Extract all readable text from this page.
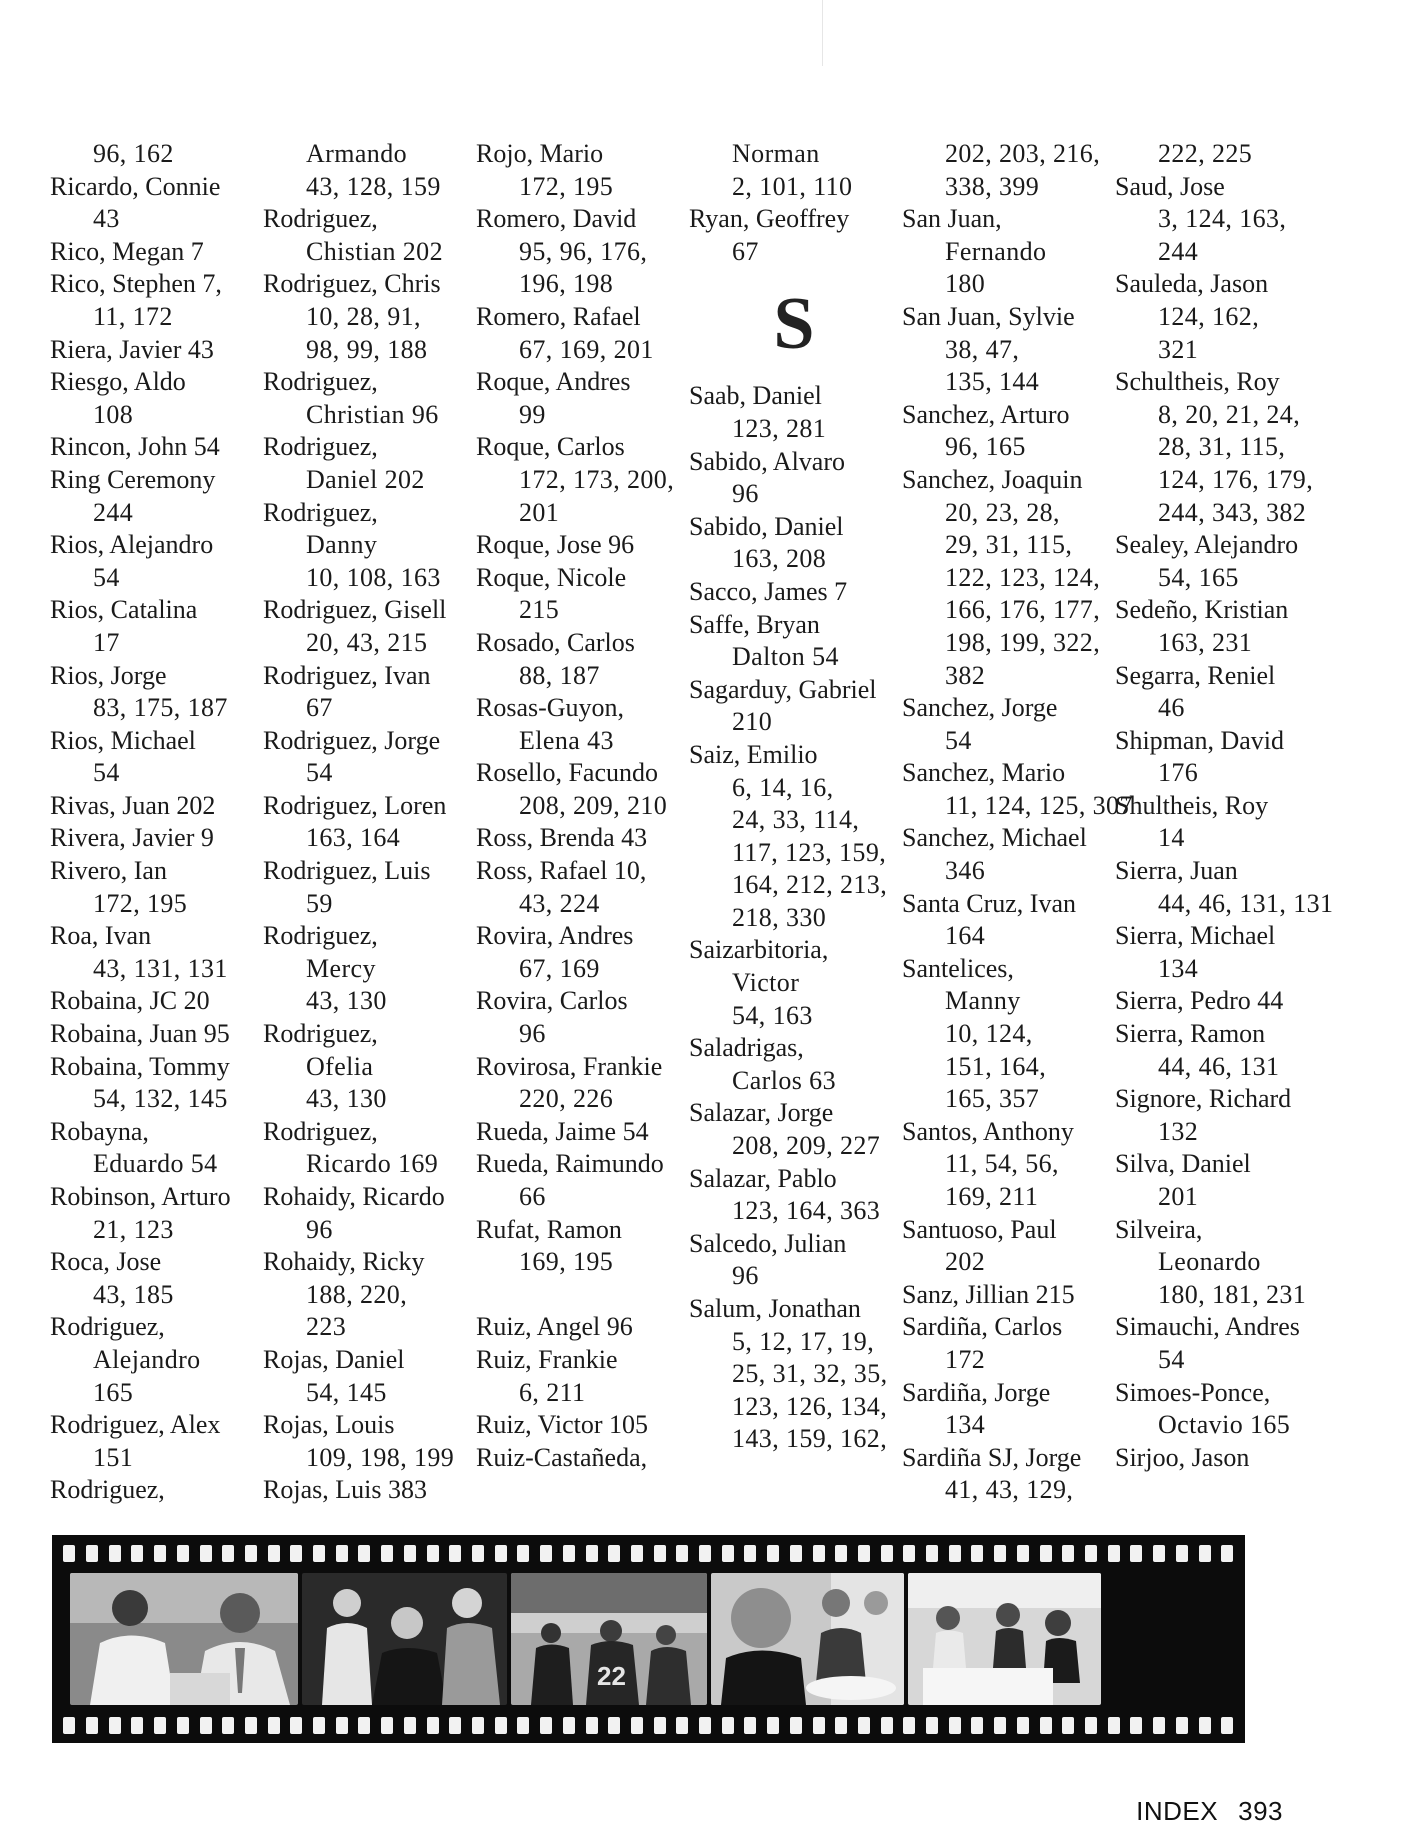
96, 162
Ricardo, Connie
43
Rico, Megan 7
Rico, Stephen 7,
11, 172
Riera, Javier 43
Riesgo, Aldo
108
Rincon, John 54
Ring Ceremony
244
Rios, Alejandro
54
Rios, Catalina
17
Rios, Jorge
83, 175, 187
Rios, Michael
54
Rivas, Juan 202
Rivera, Javier 9
Rivero, Ian
172, 195
Roa, Ivan
43, 131, 131
Robaina, JC 20
Robaina, Juan 95
Robaina, Tommy
54, 132, 145
Robayna,
Eduardo 54
Robinson, Arturo
21, 123
Roca, Jose
43, 185
Rodriguez,
Alejandro
165
Rodriguez, Alex
151
Rodriguez,
Armando
43, 128, 159
Rodriguez,
Chistian 202
Rodriguez, Chris
10, 28, 91,
98, 99, 188
Rodriguez,
Christian 96
Rodriguez,
Daniel 202
Rodriguez,
Danny
10, 108, 163
Rodriguez, Gisell
20, 43, 215
Rodriguez, Ivan
67
Rodriguez, Jorge
54
Rodriguez, Loren
163, 164
Rodriguez, Luis
59
Rodriguez,
Mercy
43, 130
Rodriguez,
Ofelia
43, 130
Rodriguez,
Ricardo 169
Rohaidy, Ricardo
96
Rohaidy, Ricky
188, 220,
223
Rojas, Daniel
54, 145
Rojas, Louis
109, 198, 199
Rojas, Luis 383
Rojo, Mario
172, 195
Romero, David
95, 96, 176,
196, 198
Romero, Rafael
67, 169, 201
Roque, Andres
99
Roque, Carlos
172, 173, 200,
201
Roque, Jose 96
Roque, Nicole
215
Rosado, Carlos
88, 187
Rosas-Guyon,
Elena 43
Rosello, Facundo
208, 209, 210
Ross, Brenda 43
Ross, Rafael 10,
43, 224
Rovira, Andres
67, 169
Rovira, Carlos
96
Rovirosa, Frankie
220, 226
Rueda, Jaime 54
Rueda, Raimundo
66
Rufat, Ramon
169, 195
Ruiz, Angel 96
Ruiz, Frankie
6, 211
Ruiz, Victor 105
Ruiz-Castañeda,
Norman
2, 101, 110
Ryan, Geoffrey
67
S
Saab, Daniel
123, 281
Sabido, Alvaro
96
Sabido, Daniel
163, 208
Sacco, James 7
Saffe, Bryan
Dalton 54
Sagarduy, Gabriel
210
Saiz, Emilio
6, 14, 16,
24, 33, 114,
117, 123, 159,
164, 212, 213,
218, 330
Saizarbitoria,
Victor
54, 163
Saladrigas,
Carlos 63
Salazar, Jorge
208, 209, 227
Salazar, Pablo
123, 164, 363
Salcedo, Julian
96
Salum, Jonathan
5, 12, 17, 19,
25, 31, 32, 35,
123, 126, 134,
143, 159, 162,
202, 203, 216,
338, 399
San Juan,
Fernando
180
San Juan, Sylvie
38, 47,
135, 144
Sanchez, Arturo
96, 165
Sanchez, Joaquin
20, 23, 28,
29, 31, 115,
122, 123, 124,
166, 176, 177,
198, 199, 322,
382
Sanchez, Jorge
54
Sanchez, Mario
11, 124, 125, 307
Sanchez, Michael
346
Santa Cruz, Ivan
164
Santelices,
Manny
10, 124,
151, 164,
165, 357
Santos, Anthony
11, 54, 56,
169, 211
Santuoso, Paul
202
Sanz, Jillian 215
Sardiña, Carlos
172
Sardiña, Jorge
134
Sardiña SJ, Jorge
41, 43, 129,
222, 225
Saud, Jose
3, 124, 163,
244
Sauleda, Jason
124, 162,
321
Schultheis, Roy
8, 20, 21, 24,
28, 31, 115,
124, 176, 179,
244, 343, 382
Sealey, Alejandro
54, 165
Sedeño, Kristian
163, 231
Segarra, Reniel
46
Shipman, David
176
Shultheis, Roy
14
Sierra, Juan
44, 46, 131, 131
Sierra, Michael
134
Sierra, Pedro 44
Sierra, Ramon
44, 46, 131
Signore, Richard
132
Silva, Daniel
201
Silveira,
Leonardo
180, 181, 231
Simauchi, Andres
54
Simoes-Ponce,
Octavio 165
Sirjoo, Jason
22
INDEX 393
